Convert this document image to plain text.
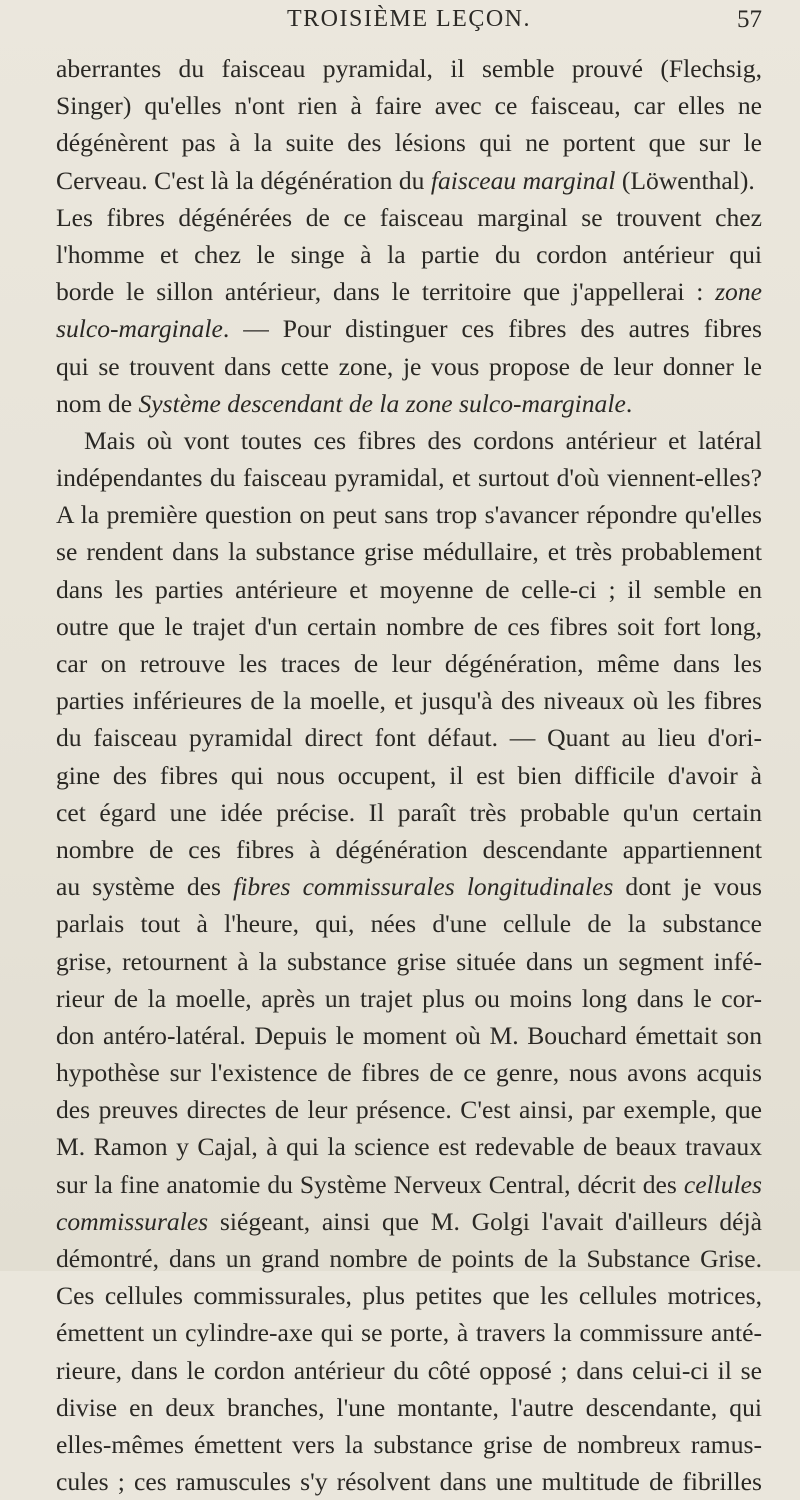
TROISIÈME LEÇON.	57
aberrantes du faisceau pyramidal, il semble prouvé (Flechsig,
Singer) qu'elles n'ont rien à faire avec ce faisceau, car elles ne
dégénèrent pas à la suite des lésions qui ne portent que sur le
Cerveau. C'est là la dégénération du faisceau marginal (Löwenthal).
Les fibres dégénérées de ce faisceau marginal se trouvent chez
l'homme et chez le singe à la partie du cordon antérieur qui
borde le sillon antérieur, dans le territoire que j'appellerai : zone
sulco-marginale. — Pour distinguer ces fibres des autres fibres
qui se trouvent dans cette zone, je vous propose de leur donner le
nom de Système descendant de la zone sulco-marginale.
Mais où vont toutes ces fibres des cordons antérieur et latéral
indépendantes du faisceau pyramidal, et surtout d'où viennent-elles?
A la première question on peut sans trop s'avancer répondre qu'elles
se rendent dans la substance grise médullaire, et très probablement
dans les parties antérieure et moyenne de celle-ci ; il semble en
outre que le trajet d'un certain nombre de ces fibres soit fort long,
car on retrouve les traces de leur dégénération, même dans les
parties inférieures de la moelle, et jusqu'à des niveaux où les fibres
du faisceau pyramidal direct font défaut. — Quant au lieu d'ori-
gine des fibres qui nous occupent, il est bien difficile d'avoir à
cet égard une idée précise. Il paraît très probable qu'un certain
nombre de ces fibres à dégénération descendante appartiennent
au système des fibres commissurales longitudinales dont je vous
parlais tout à l'heure, qui, nées d'une cellule de la substance
grise, retournent à la substance grise située dans un segment infé-
rieur de la moelle, après un trajet plus ou moins long dans le cor-
don antéro-latéral. Depuis le moment où M. Bouchard émettait son
hypothèse sur l'existence de fibres de ce genre, nous avons acquis
des preuves directes de leur présence. C'est ainsi, par exemple, que
M. Ramon y Cajal, à qui la science est redevable de beaux travaux
sur la fine anatomie du Système Nerveux Central, décrit des cellules
commissurales siégeant, ainsi que M. Golgi l'avait d'ailleurs déjà
démontré, dans un grand nombre de points de la Substance Grise.
Ces cellules commissurales, plus petites que les cellules motrices,
émettent un cylindre-axe qui se porte, à travers la commissure anté-
rieure, dans le cordon antérieur du côté opposé ; dans celui-ci il se
divise en deux branches, l'une montante, l'autre descendante, qui
elles-mêmes émettent vers la substance grise de nombreux ramus-
cules ; ces ramuscules s'y résolvent dans une multitude de fibrilles
